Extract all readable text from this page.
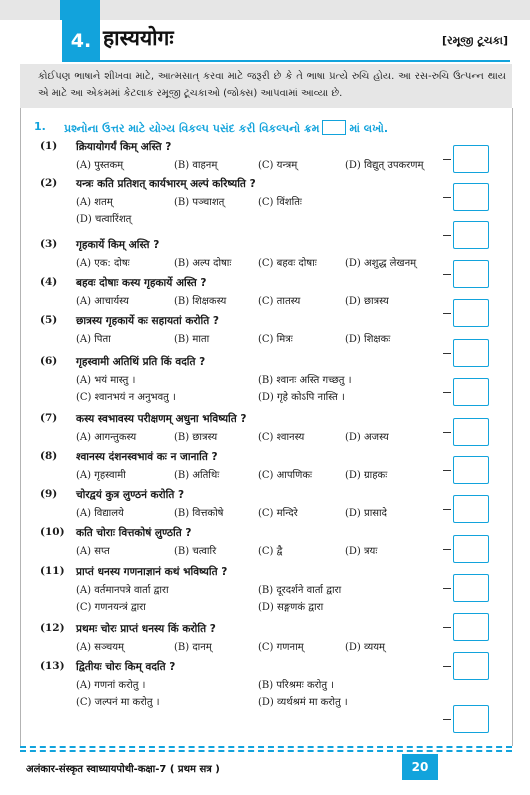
4. हास्ययोगः	[રમૂજી ટૂચકા]
કોઈપણ ભાષાને શીખવા માટે, આત્મસાત્ કરવા માટે જરૂરી છે કે તે ભાષા પ્રત્યે રુચિ હોય. આ રસ-રુચિ ઉત્પન્ન થાય એ માટે આ એકમમાં કેટલાક રમૂજી ટૂચકાઓ (જોક્સ) આપવામાં આવ્યા છે.
1. પ્રશ્નોના ઉત્તર માટે યોગ્ય વિકલ્પ પસંદ કરી વિકલ્પનો ક્રમ	માં લખો.
(1) क्रियायोगर्यं किम् अस्ति ?
(A) पुस्तकम्	(B) वाहनम्	(C) यन्त्रम्	(D) विद्युत् उपकरणम्
(2) यन्त्रः कति प्रतिशत् कार्यभारम् अल्पं करिष्यति ?
(A) शतम्	(B) पञ्चाशत्	(C) विंशतिः
(D) चत्वारिंशत्
(3) गृहकार्ये किम् अस्ति ?
(A) एक: दोषः	(B) अल्प दोषाः	(C) बहवः दोषाः	(D) अशुद्ध लेखनम्
(4) बहवः दोषाः कस्य गृहकार्ये अस्ति ?
(A) आचार्यस्य	(B) शिक्षकस्य	(C) तातस्य	(D) छात्रस्य
(5) छात्रस्य गृहकार्ये कः सहायतां करोति ?
(A) पिता	(B) माता	(C) मित्रः	(D) शिक्षकः
(6) गृहस्वामी अतिथिं प्रति किं वदति ?
(A) भयं मास्तु ।	(B) श्वानः अस्ति गच्छतु ।
(C) श्वानभयं न अनुभवतु ।	(D) गृहे कोऽपि नास्ति ।
(7) कस्य स्वभावस्य परीक्षणम् अधुना भविष्यति ?
(A) आगन्तुकस्य	(B) छात्रस्य	(C) श्वानस्य	(D) अजस्य
(8) श्वानस्य दंशनस्वभावं कः न जानाति ?
(A) गृहस्वामी	(B) अतिथिः	(C) आपणिकः	(D) ग्राहकः
(9) चोरद्वयं कुत्र लुण्ठनं करोति ?
(A) विद्यालये	(B) वित्तकोषे	(C) मन्दिरे	(D) प्रासादे
(10) कति चोराः वित्तकोषं लुण्ठति ?
(A) सप्त	(B) चत्वारि	(C) द्वै	(D) त्रयः
(11) प्राप्तं धनस्य गणनाज्ञानं कथं भविष्यति ?
(A) वर्तमानपत्रे वार्ता द्वारा	(B) दूरदर्शने वार्ता द्वारा
(C) गणनयन्त्रं द्वारा	(D) सङ्गणकं द्वारा
(12) प्रथमः चोरः प्राप्तं धनस्य किं करोति ?
(A) सञ्चयम्	(B) दानम्	(C) गणनाम्	(D) व्ययम्
(13) द्वितीयः चोरः किम् वदति ?
(A) गणनां करोतु ।	(B) परिश्रमः करोतु ।
(C) जल्पनं मा करोतु ।	(D) व्यर्थश्रमं मा करोतु ।
अलंकार-संस्कृत स्वाध्यायपोथी-कक्षा-7 ( प्रथम सत्र )	20
